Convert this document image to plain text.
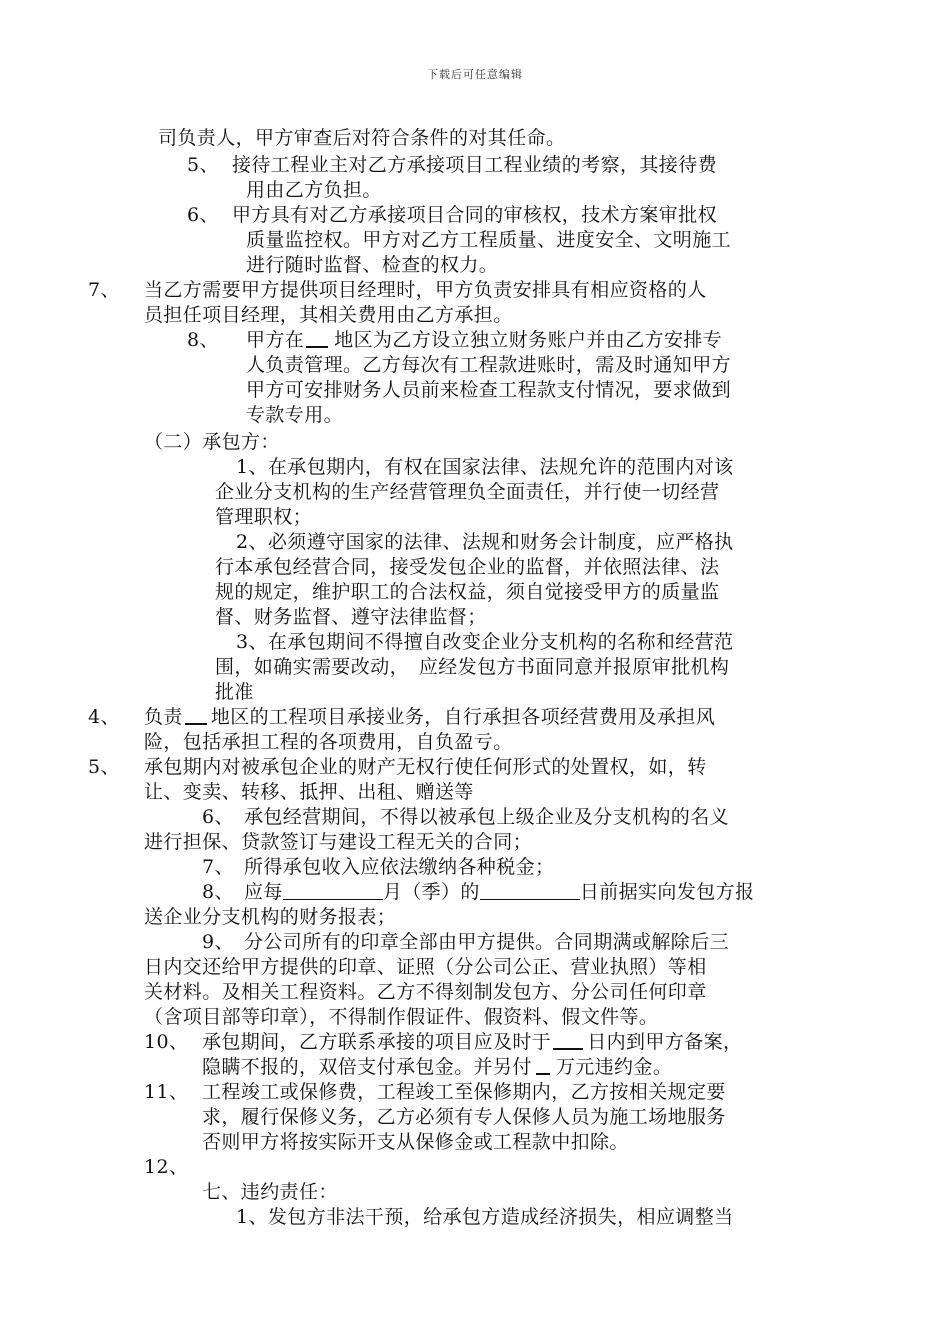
下载后可任意编辑
司负责人，甲方审查后对符合条件的对其任命。
5、 接待工程业主对乙方承接项目工程业绩的考察，其接待费
用由乙方负担。
6、 甲方具有对乙方承接项目合同的审核权，技术方案审批权
质量监控权。甲方对乙方工程质量、进度安全、文明施工
进行随时监督、检查的权力。
7、 当乙方需要甲方提供项目经理时，甲方负责安排具有相应资格的人
员担任项目经理，其相关费用由乙方承担。
8、 甲方在 地区为乙方设立独立财务账户并由乙方安排专
人负责管理。乙方每次有工程款进账时，需及时通知甲方
甲方可安排财务人员前来检查工程款支付情况，要求做到
专款专用。
（二）承包方：
1、在承包期内，有权在国家法律、法规允许的范围内对该
企业分支机构的生产经营管理负全面责任，并行使一切经营
管理职权；
2、必须遵守国家的法律、法规和财务会计制度，应严格执
行本承包经营合同，接受发包企业的监督，并依照法律、法
规的规定，维护职工的合法权益，须自觉接受甲方的质量监
督、财务监督、遵守法律监督；
3、在承包期间不得擅自改变企业分支机构的名称和经营范
围，如确实需要改动，　应经发包方书面同意并报原审批机构
批准
4、 负责 地区的工程项目承接业务，自行承担各项经营费用及承担风
险，包括承担工程的各项费用，自负盈亏。
5、 承包期内对被承包企业的财产无权行使任何形式的处置权，如，转
让、变卖、转移、抵押、出租、赠送等
6、 承包经营期间，不得以被承包上级企业及分支机构的名义
进行担保、贷款签订与建设工程无关的合同；
7、 所得承包收入应依法缴纳各种税金；
8、 应每	月（季）的	日前据实向发包方报
送企业分支机构的财务报表；
9、 分公司所有的印章全部由甲方提供。合同期满或解除后三
日内交还给甲方提供的印章、证照（分公司公正、营业执照）等相
关材料。及相关工程资料。乙方不得刻制发包方、分公司任何印章
（含项目部等印章），不得制作假证件、假资料、假文件等。
10、 承包期间，乙方联系承接的项目应及时于 日内到甲方备案，
隐瞒不报的，双倍支付承包金。并另付 万元违约金。
11、 工程竣工或保修费，工程竣工至保修期内，乙方按相关规定要
求，履行保修义务，乙方必须有专人保修人员为施工场地服务
否则甲方将按实际开支从保修金或工程款中扣除。
12、
七、违约责任：
1、发包方非法干预，给承包方造成经济损失，相应调整当
